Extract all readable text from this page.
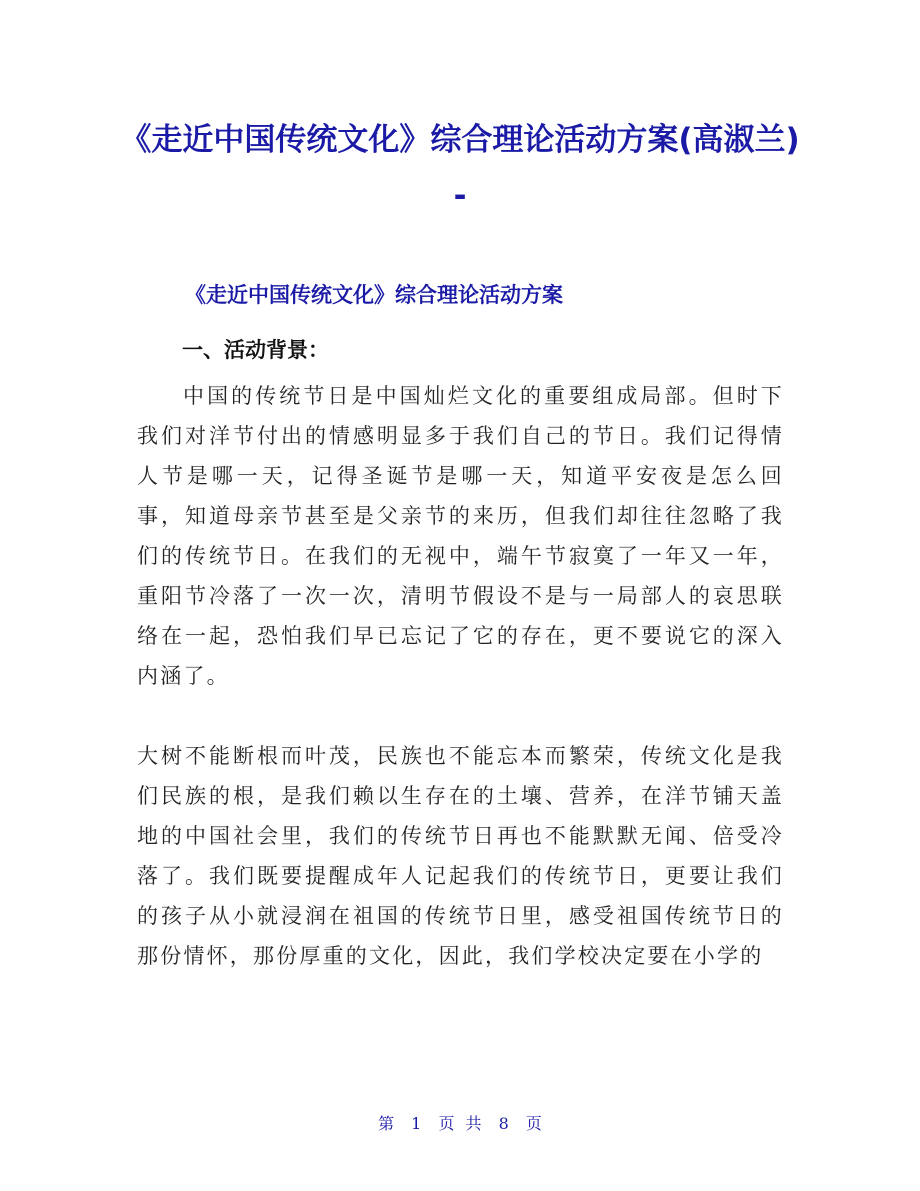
《走近中国传统文化》综合理论活动方案(高淑兰) -
《走近中国传统文化》综合理论活动方案
一、活动背景：

中国的传统节日是中国灿烂文化的重要组成局部。但时下我们对洋节付出的情感明显多于我们自己的节日。我们记得情人节是哪一天，记得圣诞节是哪一天，知道平安夜是怎么回事，知道母亲节甚至是父亲节的来历，但我们却往往忽略了我们的传统节日。在我们的无视中，端午节寂寞了一年又一年，重阳节冷落了一次一次，清明节假设不是与一局部人的哀思联络在一起，恐怕我们早已忘记了它的存在，更不要说它的深入内涵了。

大树不能断根而叶茂，民族也不能忘本而繁荣，传统文化是我们民族的根，是我们赖以生存在的土壤、营养，在洋节铺天盖地的中国社会里，我们的传统节日再也不能默默无闻、倍受冷落了。我们既要提醒成年人记起我们的传统节日，更要让我们的孩子从小就浸润在祖国的传统节日里，感受祖国传统节日的那份情怀，那份厚重的文化，因此，我们学校决定要在小学的

第 1 页 共 8 页
